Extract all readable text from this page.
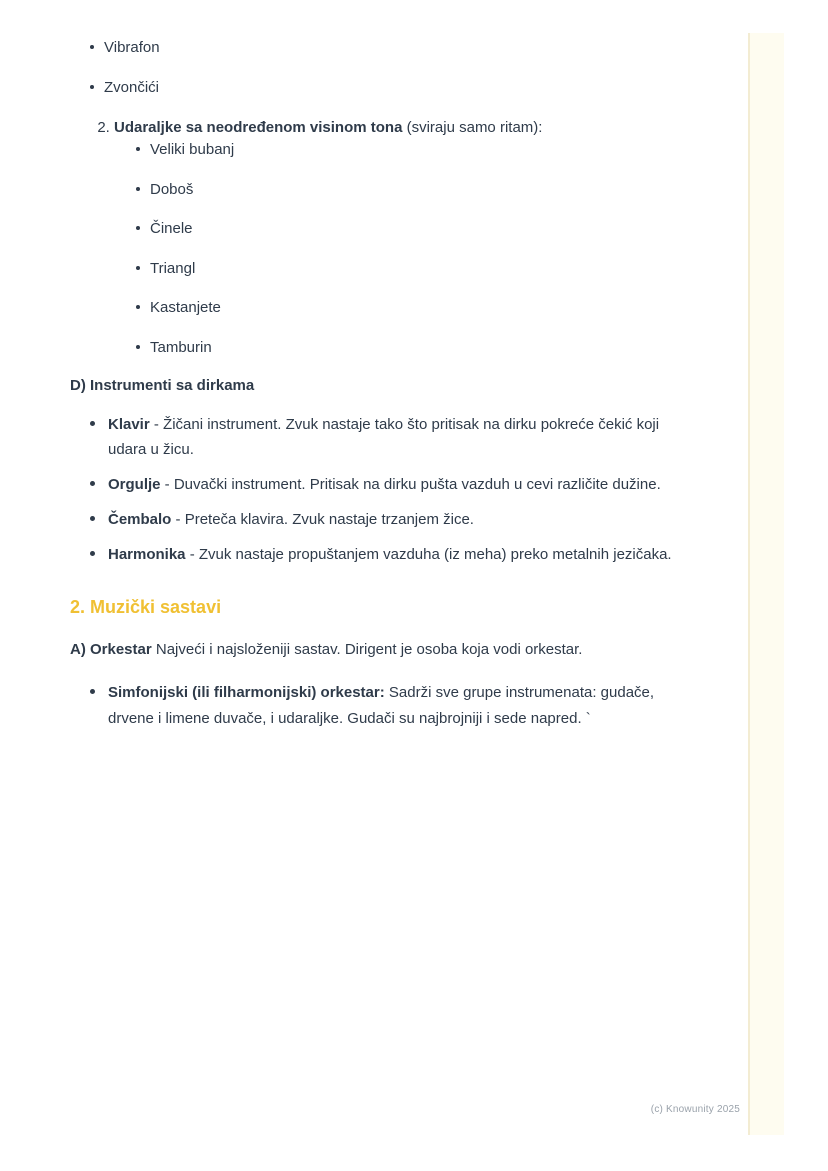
Vibrafon
Zvončići
2. Udaraljke sa neodređenom visinom tona (sviraju samo ritam):
Veliki bubanj
Doboš
Činele
Triangl
Kastanjete
Tamburin
D) Instrumenti sa dirkama
Klavir - Žičani instrument. Zvuk nastaje tako što pritisak na dirku pokreće čekić koji udara u žicu.
Orgulje - Duvački instrument. Pritisak na dirku pušta vazduh u cevi različite dužine.
Čembalo - Preteča klavira. Zvuk nastaje trzanjem žice.
Harmonika - Zvuk nastaje propuštanjem vazduha (iz meha) preko metalnih jezičaka.
2. Muzički sastavi
A) Orkestar Najveći i najsloženiji sastav. Dirigent je osoba koja vodi orkestar.
Simfonijski (ili filharmonijski) orkestar: Sadrži sve grupe instrumenata: gudače, drvene i limene duvače, i udaraljke. Gudači su najbrojniji i sede napred. `
(c) Knowunity 2025
